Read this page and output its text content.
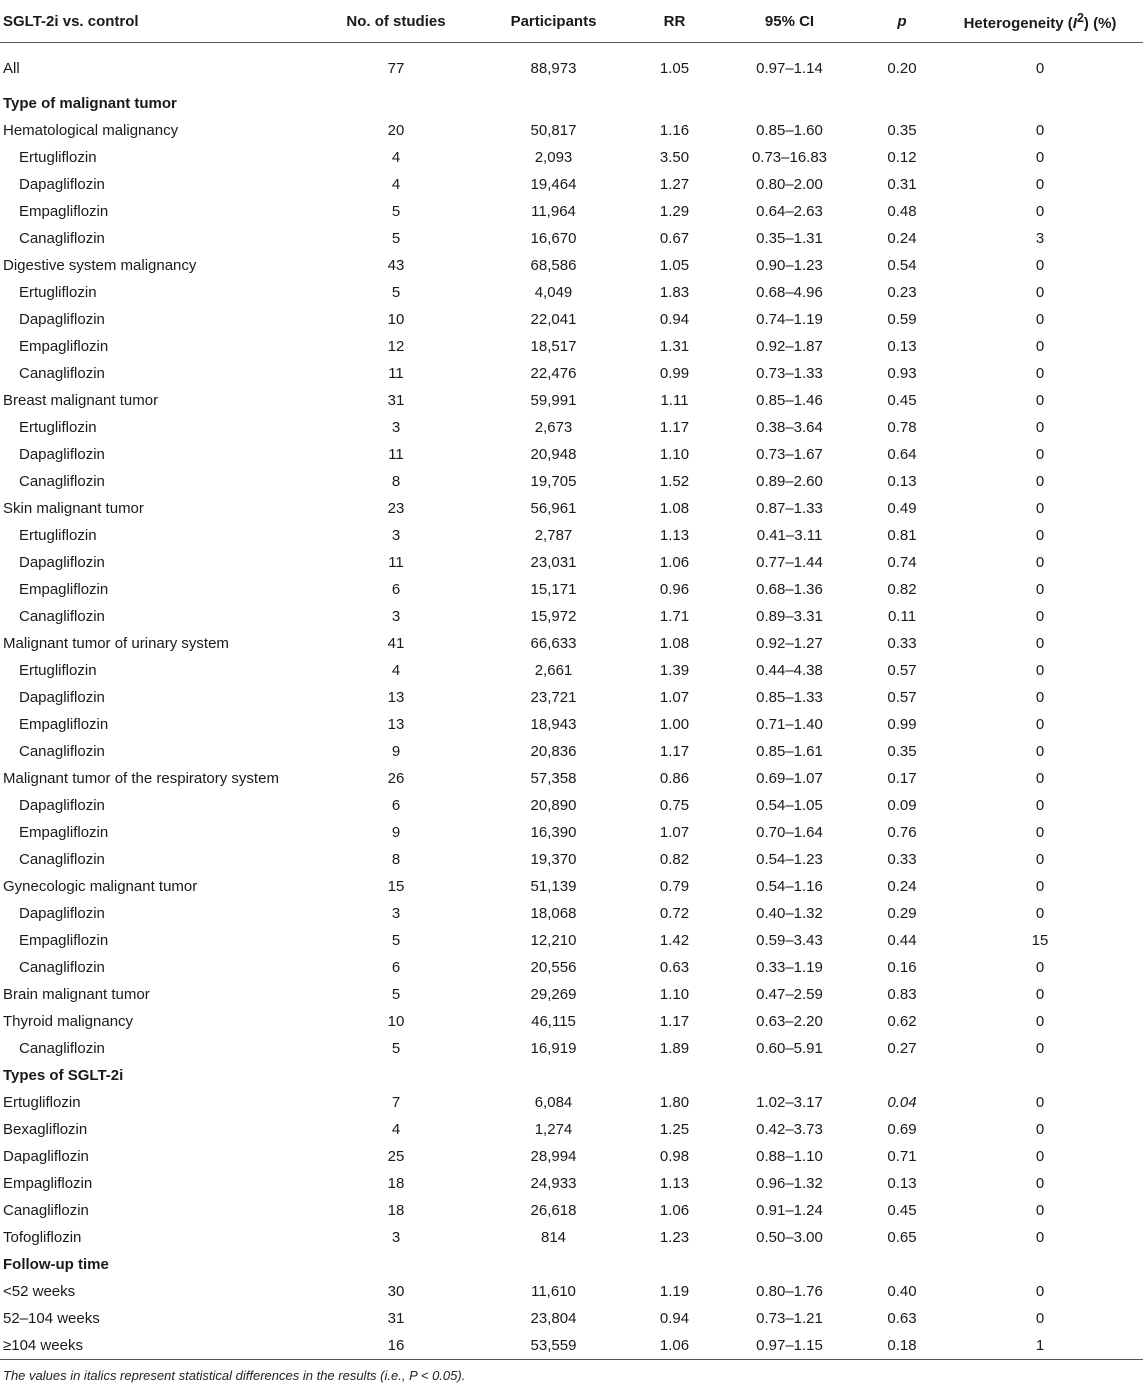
SGLT-2i vs. control	No. of studies	Participants	RR	95% CI	p	Heterogeneity $(I^2)$ (%)
All	77	88,973	1.05	0.97–1.14	0.20	0
Type of malignant tumor						
Hematological malignancy	20	50,817	1.16	0.85–1.60	0.35	0
Ertugliflozin	4	2,093	3.50	0.73–16.83	0.12	0
Dapagliflozin	4	19,464	1.27	0.80–2.00	0.31	0
Empagliflozin	5	11,964	1.29	0.64–2.63	0.48	0
Canagliflozin	5	16,670	0.67	0.35–1.31	0.24	3
Digestive system malignancy	43	68,586	1.05	0.90–1.23	0.54	0
Ertugliflozin	5	4,049	1.83	0.68–4.96	0.23	0
Dapagliflozin	10	22,041	0.94	0.74–1.19	0.59	0
Empagliflozin	12	18,517	1.31	0.92–1.87	0.13	0
Canagliflozin	11	22,476	0.99	0.73–1.33	0.93	0
Breast malignant tumor	31	59,991	1.11	0.85–1.46	0.45	0
Ertugliflozin	3	2,673	1.17	0.38–3.64	0.78	0
Dapagliflozin	11	20,948	1.10	0.73–1.67	0.64	0
Canagliflozin	8	19,705	1.52	0.89–2.60	0.13	0
Skin malignant tumor	23	56,961	1.08	0.87–1.33	0.49	0
Ertugliflozin	3	2,787	1.13	0.41–3.11	0.81	0
Dapagliflozin	11	23,031	1.06	0.77–1.44	0.74	0
Empagliflozin	6	15,171	0.96	0.68–1.36	0.82	0
Canagliflozin	3	15,972	1.71	0.89–3.31	0.11	0
Malignant tumor of urinary system	41	66,633	1.08	0.92–1.27	0.33	0
Ertugliflozin	4	2,661	1.39	0.44–4.38	0.57	0
Dapagliflozin	13	23,721	1.07	0.85–1.33	0.57	0
Empagliflozin	13	18,943	1.00	0.71–1.40	0.99	0
Canagliflozin	9	20,836	1.17	0.85–1.61	0.35	0
Malignant tumor of the respiratory system	26	57,358	0.86	0.69–1.07	0.17	0
Dapagliflozin	6	20,890	0.75	0.54–1.05	0.09	0
Empagliflozin	9	16,390	1.07	0.70–1.64	0.76	0
Canagliflozin	8	19,370	0.82	0.54–1.23	0.33	0
Gynecologic malignant tumor	15	51,139	0.79	0.54–1.16	0.24	0
Dapagliflozin	3	18,068	0.72	0.40–1.32	0.29	0
Empagliflozin	5	12,210	1.42	0.59–3.43	0.44	15
Canagliflozin	6	20,556	0.63	0.33–1.19	0.16	0
Brain malignant tumor	5	29,269	1.10	0.47–2.59	0.83	0
Thyroid malignancy	10	46,115	1.17	0.63–2.20	0.62	0
Canagliflozin	5	16,919	1.89	0.60–5.91	0.27	0
Types of SGLT-2i						
Ertugliflozin	7	6,084	1.80	1.02–3.17	0.04	0
Bexagliflozin	4	1,274	1.25	0.42–3.73	0.69	0
Dapagliflozin	25	28,994	0.98	0.88–1.10	0.71	0
Empagliflozin	18	24,933	1.13	0.96–1.32	0.13	0
Canagliflozin	18	26,618	1.06	0.91–1.24	0.45	0
Tofogliflozin	3	814	1.23	0.50–3.00	0.65	0
Follow-up time						
<52 weeks	30	11,610	1.19	0.80–1.76	0.40	0
52–104 weeks	31	23,804	0.94	0.73–1.21	0.63	0
≥104 weeks	16	53,559	1.06	0.97–1.15	0.18	1
The values in italics represent statistical differences in the results (i.e., P < 0.05).
